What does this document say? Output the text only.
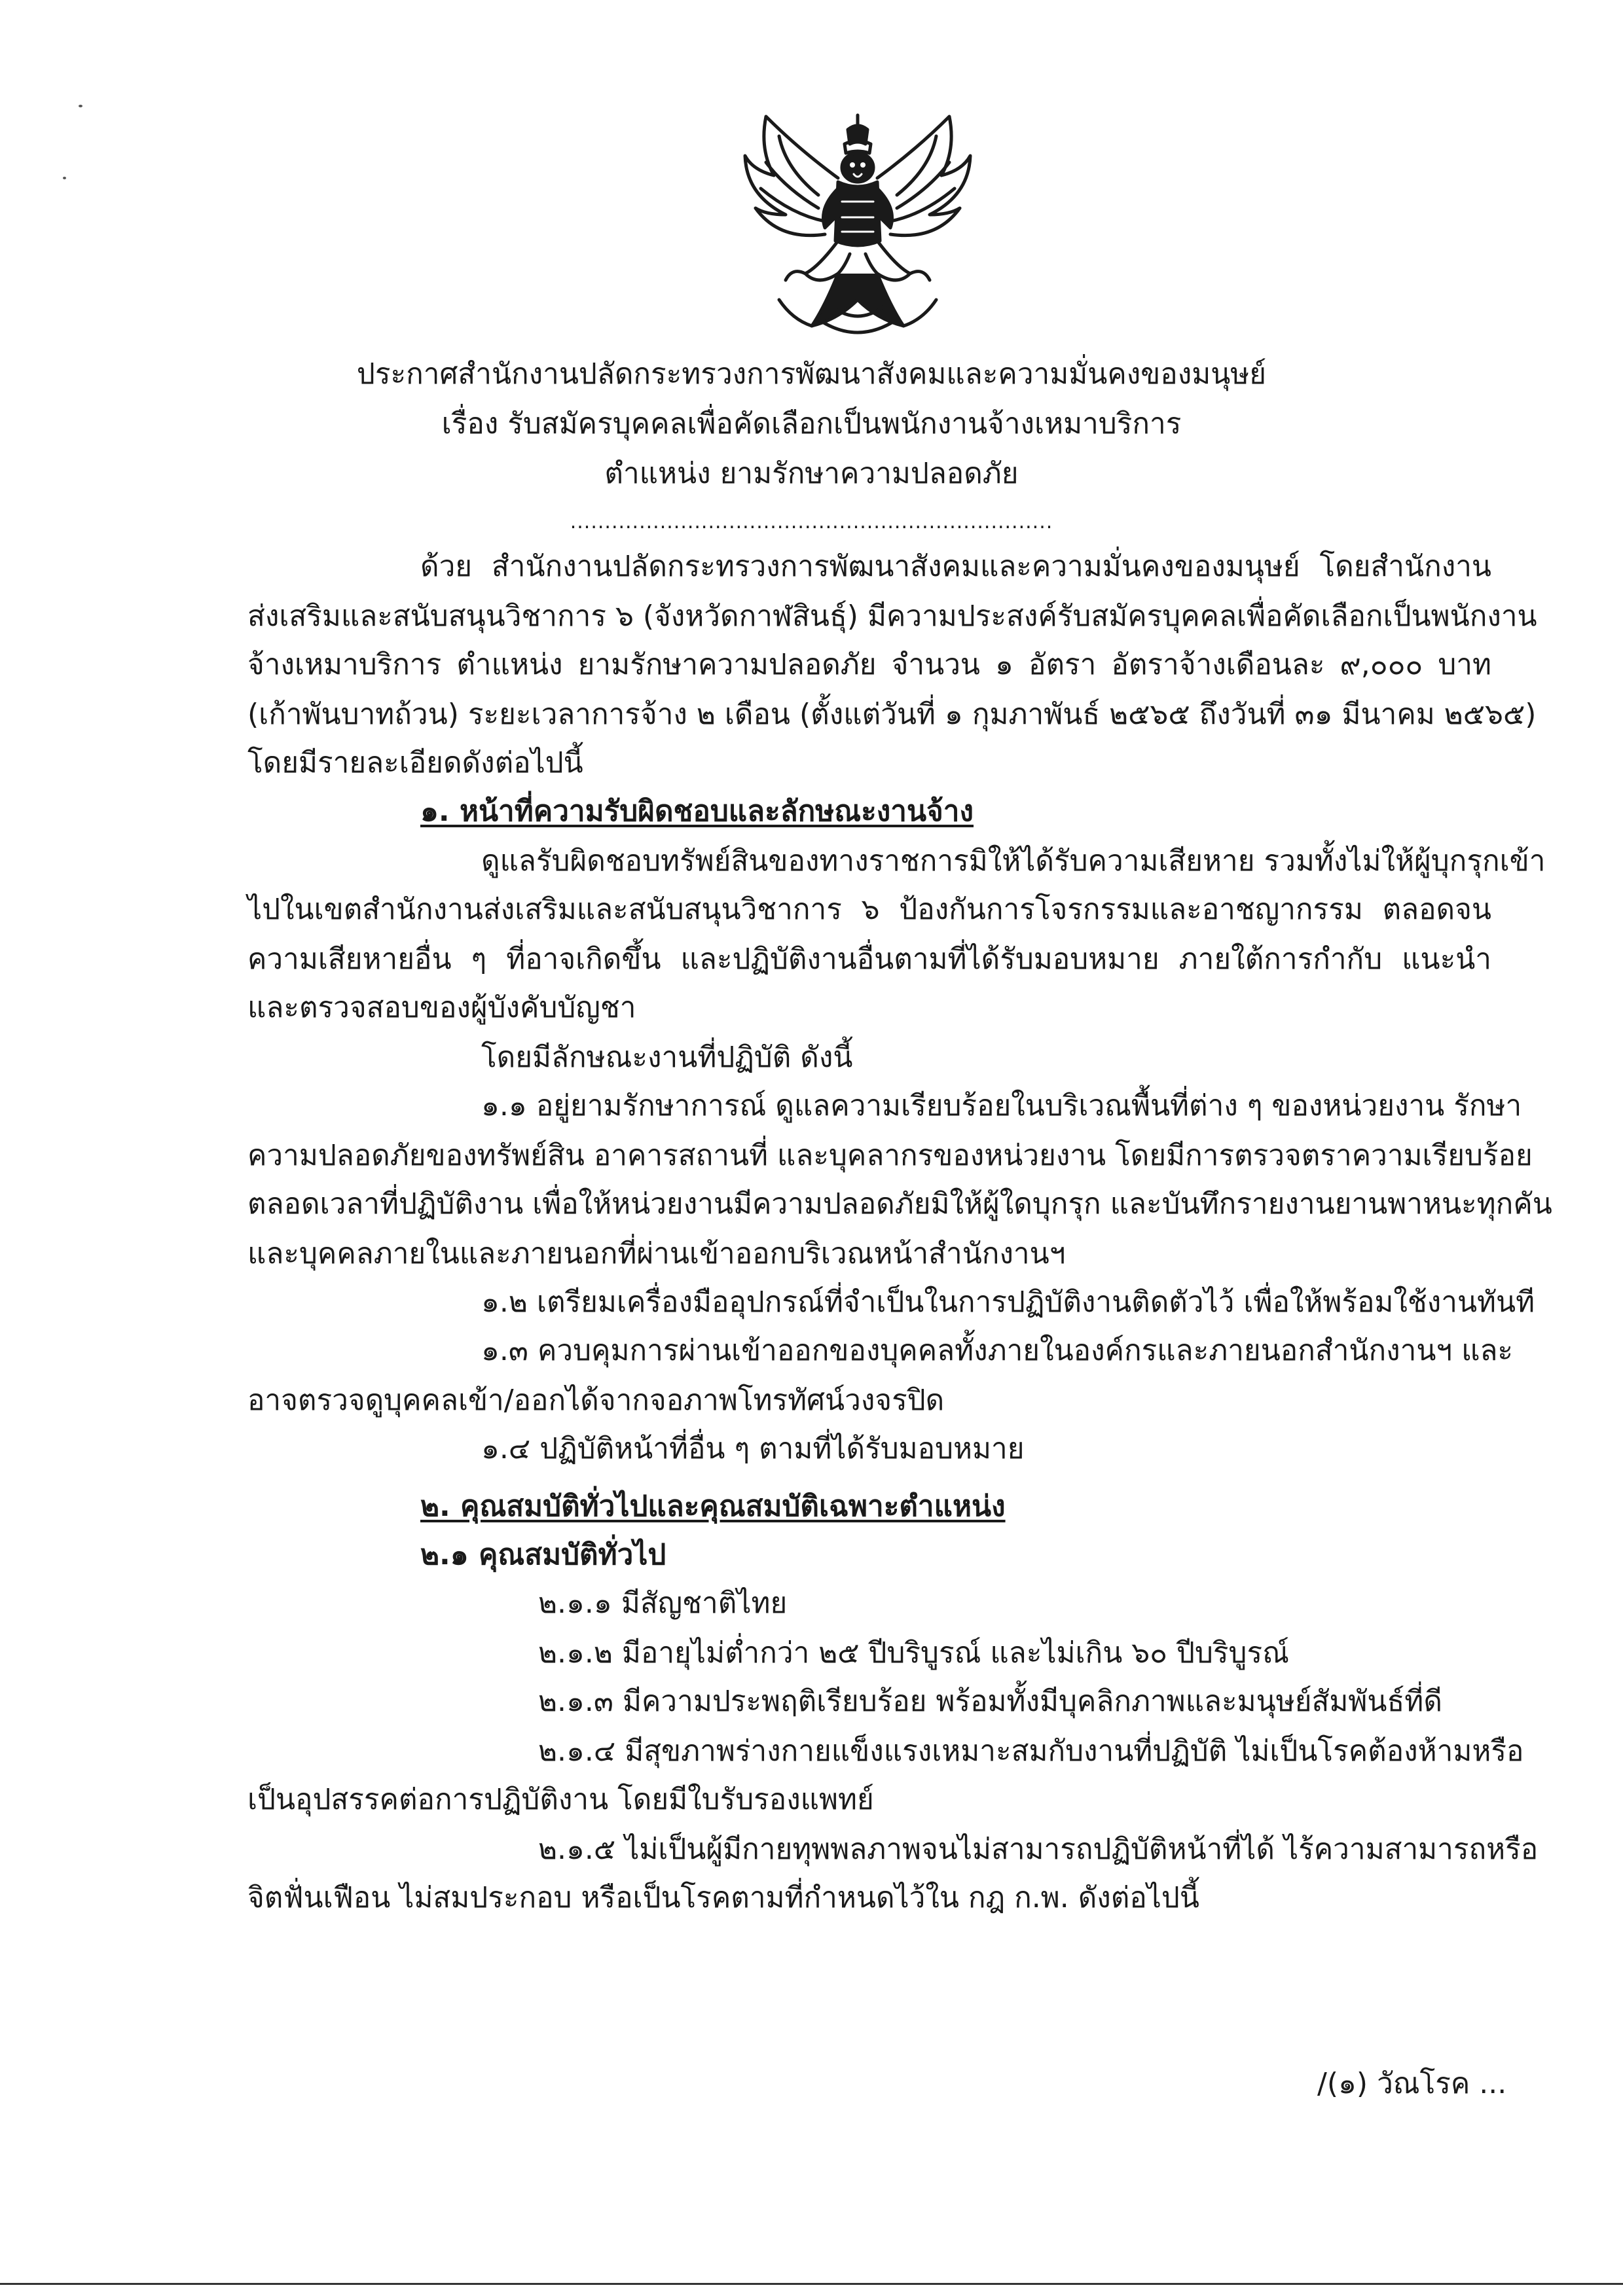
ประกาศสำนักงานปลัดกระทรวงการพัฒนาสังคมและความมั่นคงของมนุษย์
เรื่อง รับสมัครบุคคลเพื่อคัดเลือกเป็นพนักงานจ้างเหมาบริการ
ตำแหน่ง ยามรักษาความปลอดภัย
......................................................................
ด้วย สำนักงานปลัดกระทรวงการพัฒนาสังคมและความมั่นคงของมนุษย์ โดยสำนักงาน
ส่งเสริมและสนับสนุนวิชาการ ๖ (จังหวัดกาฬสินธุ์) มีความประสงค์รับสมัครบุคคลเพื่อคัดเลือกเป็นพนักงาน
จ้างเหมาบริการ ตำแหน่ง ยามรักษาความปลอดภัย จำนวน ๑ อัตรา อัตราจ้างเดือนละ ๙,๐๐๐ บาท
(เก้าพันบาทถ้วน) ระยะเวลาการจ้าง ๒ เดือน (ตั้งแต่วันที่ ๑ กุมภาพันธ์ ๒๕๖๕ ถึงวันที่ ๓๑ มีนาคม ๒๕๖๕)
โดยมีรายละเอียดดังต่อไปนี้
๑. หน้าที่ความรับผิดชอบและลักษณะงานจ้าง
ดูแลรับผิดชอบทรัพย์สินของทางราชการมิให้ได้รับความเสียหาย รวมทั้งไม่ให้ผู้บุกรุกเข้า
ไปในเขตสำนักงานส่งเสริมและสนับสนุนวิชาการ ๖ ป้องกันการโจรกรรมและอาชญากรรม ตลอดจน
ความเสียหายอื่น ๆ ที่อาจเกิดขึ้น และปฏิบัติงานอื่นตามที่ได้รับมอบหมาย ภายใต้การกำกับ แนะนำ
และตรวจสอบของผู้บังคับบัญชา
โดยมีลักษณะงานที่ปฏิบัติ ดังนี้
๑.๑ อยู่ยามรักษาการณ์ ดูแลความเรียบร้อยในบริเวณพื้นที่ต่าง ๆ ของหน่วยงาน รักษา
ความปลอดภัยของทรัพย์สิน อาคารสถานที่ และบุคลากรของหน่วยงาน โดยมีการตรวจตราความเรียบร้อย
ตลอดเวลาที่ปฏิบัติงาน เพื่อให้หน่วยงานมีความปลอดภัยมิให้ผู้ใดบุกรุก และบันทึกรายงานยานพาหนะทุกคัน
และบุคคลภายในและภายนอกที่ผ่านเข้าออกบริเวณหน้าสำนักงานฯ
๑.๒ เตรียมเครื่องมืออุปกรณ์ที่จำเป็นในการปฏิบัติงานติดตัวไว้ เพื่อให้พร้อมใช้งานทันที
๑.๓ ควบคุมการผ่านเข้าออกของบุคคลทั้งภายในองค์กรและภายนอกสำนักงานฯ และ
อาจตรวจดูบุคคลเข้า/ออกได้จากจอภาพโทรทัศน์วงจรปิด
๑.๔ ปฏิบัติหน้าที่อื่น ๆ ตามที่ได้รับมอบหมาย
๒. คุณสมบัติทั่วไปและคุณสมบัติเฉพาะตำแหน่ง
๒.๑ คุณสมบัติทั่วไป
๒.๑.๑ มีสัญชาติไทย
๒.๑.๒ มีอายุไม่ต่ำกว่า ๒๕ ปีบริบูรณ์ และไม่เกิน ๖๐ ปีบริบูรณ์
๒.๑.๓ มีความประพฤติเรียบร้อย พร้อมทั้งมีบุคลิกภาพและมนุษย์สัมพันธ์ที่ดี
๒.๑.๔ มีสุขภาพร่างกายแข็งแรงเหมาะสมกับงานที่ปฏิบัติ ไม่เป็นโรคต้องห้ามหรือ
เป็นอุปสรรคต่อการปฏิบัติงาน โดยมีใบรับรองแพทย์
๒.๑.๕ ไม่เป็นผู้มีกายทุพพลภาพจนไม่สามารถปฏิบัติหน้าที่ได้ ไร้ความสามารถหรือ
จิตฟั่นเฟือน ไม่สมประกอบ หรือเป็นโรคตามที่กำหนดไว้ใน กฎ ก.พ. ดังต่อไปนี้
/(๑) วัณโรค ...
